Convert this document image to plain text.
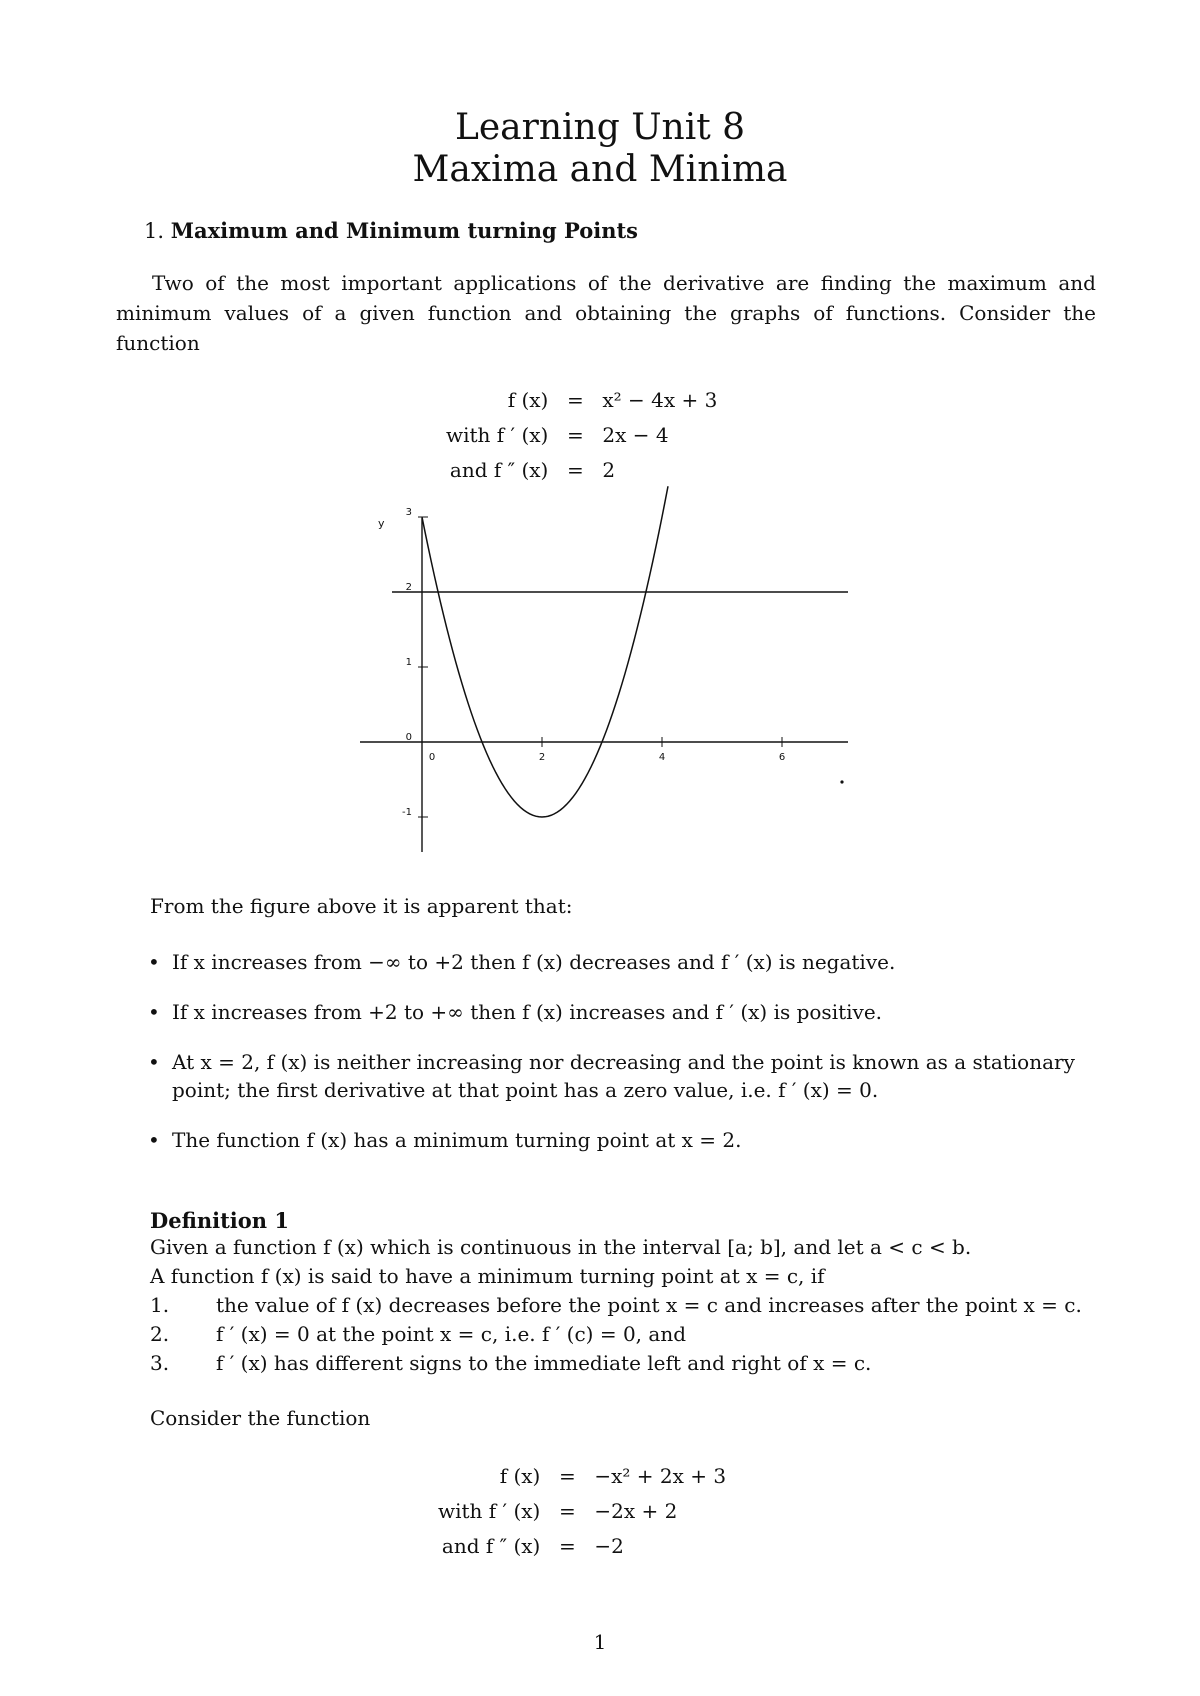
Learning Unit 8
Maxima and Minima
1. Maximum and Minimum turning Points

Two of the most important applications of the derivative are finding the maximum and minimum values of a given function and obtaining the graphs of functions. Consider the function

f (x)	=	x² − 4x + 3
with f ′ (x)	=	2x − 4
and f ″ (x)	=	2
y
0	2	4	6
3
2
1
0
-1
From the figure above it is apparent that:
• If x increases from −∞ to +2 then f (x) decreases and f ′ (x) is negative.
• If x increases from +2 to +∞ then f (x) increases and f ′ (x) is positive.
• At x = 2, f (x) is neither increasing nor decreasing and the point is known as a stationary point; the first derivative at that point has a zero value, i.e. f ′ (x) = 0.
• The function f (x) has a minimum turning point at x = 2.
Definition 1
Given a function f (x) which is continuous in the interval [a; b], and let a < c < b.
A function f (x) is said to have a minimum turning point at x = c, if
1.	the value of f (x) decreases before the point x = c and increases after the point x = c.
2.	f ′ (x) = 0 at the point x = c, i.e. f ′ (c) = 0, and
3.	f ′ (x) has different signs to the immediate left and right of x = c.
Consider the function
f (x)	=	−x² + 2x + 3
with f ′ (x)	=	−2x + 2
and f ″ (x)	=	−2
1
